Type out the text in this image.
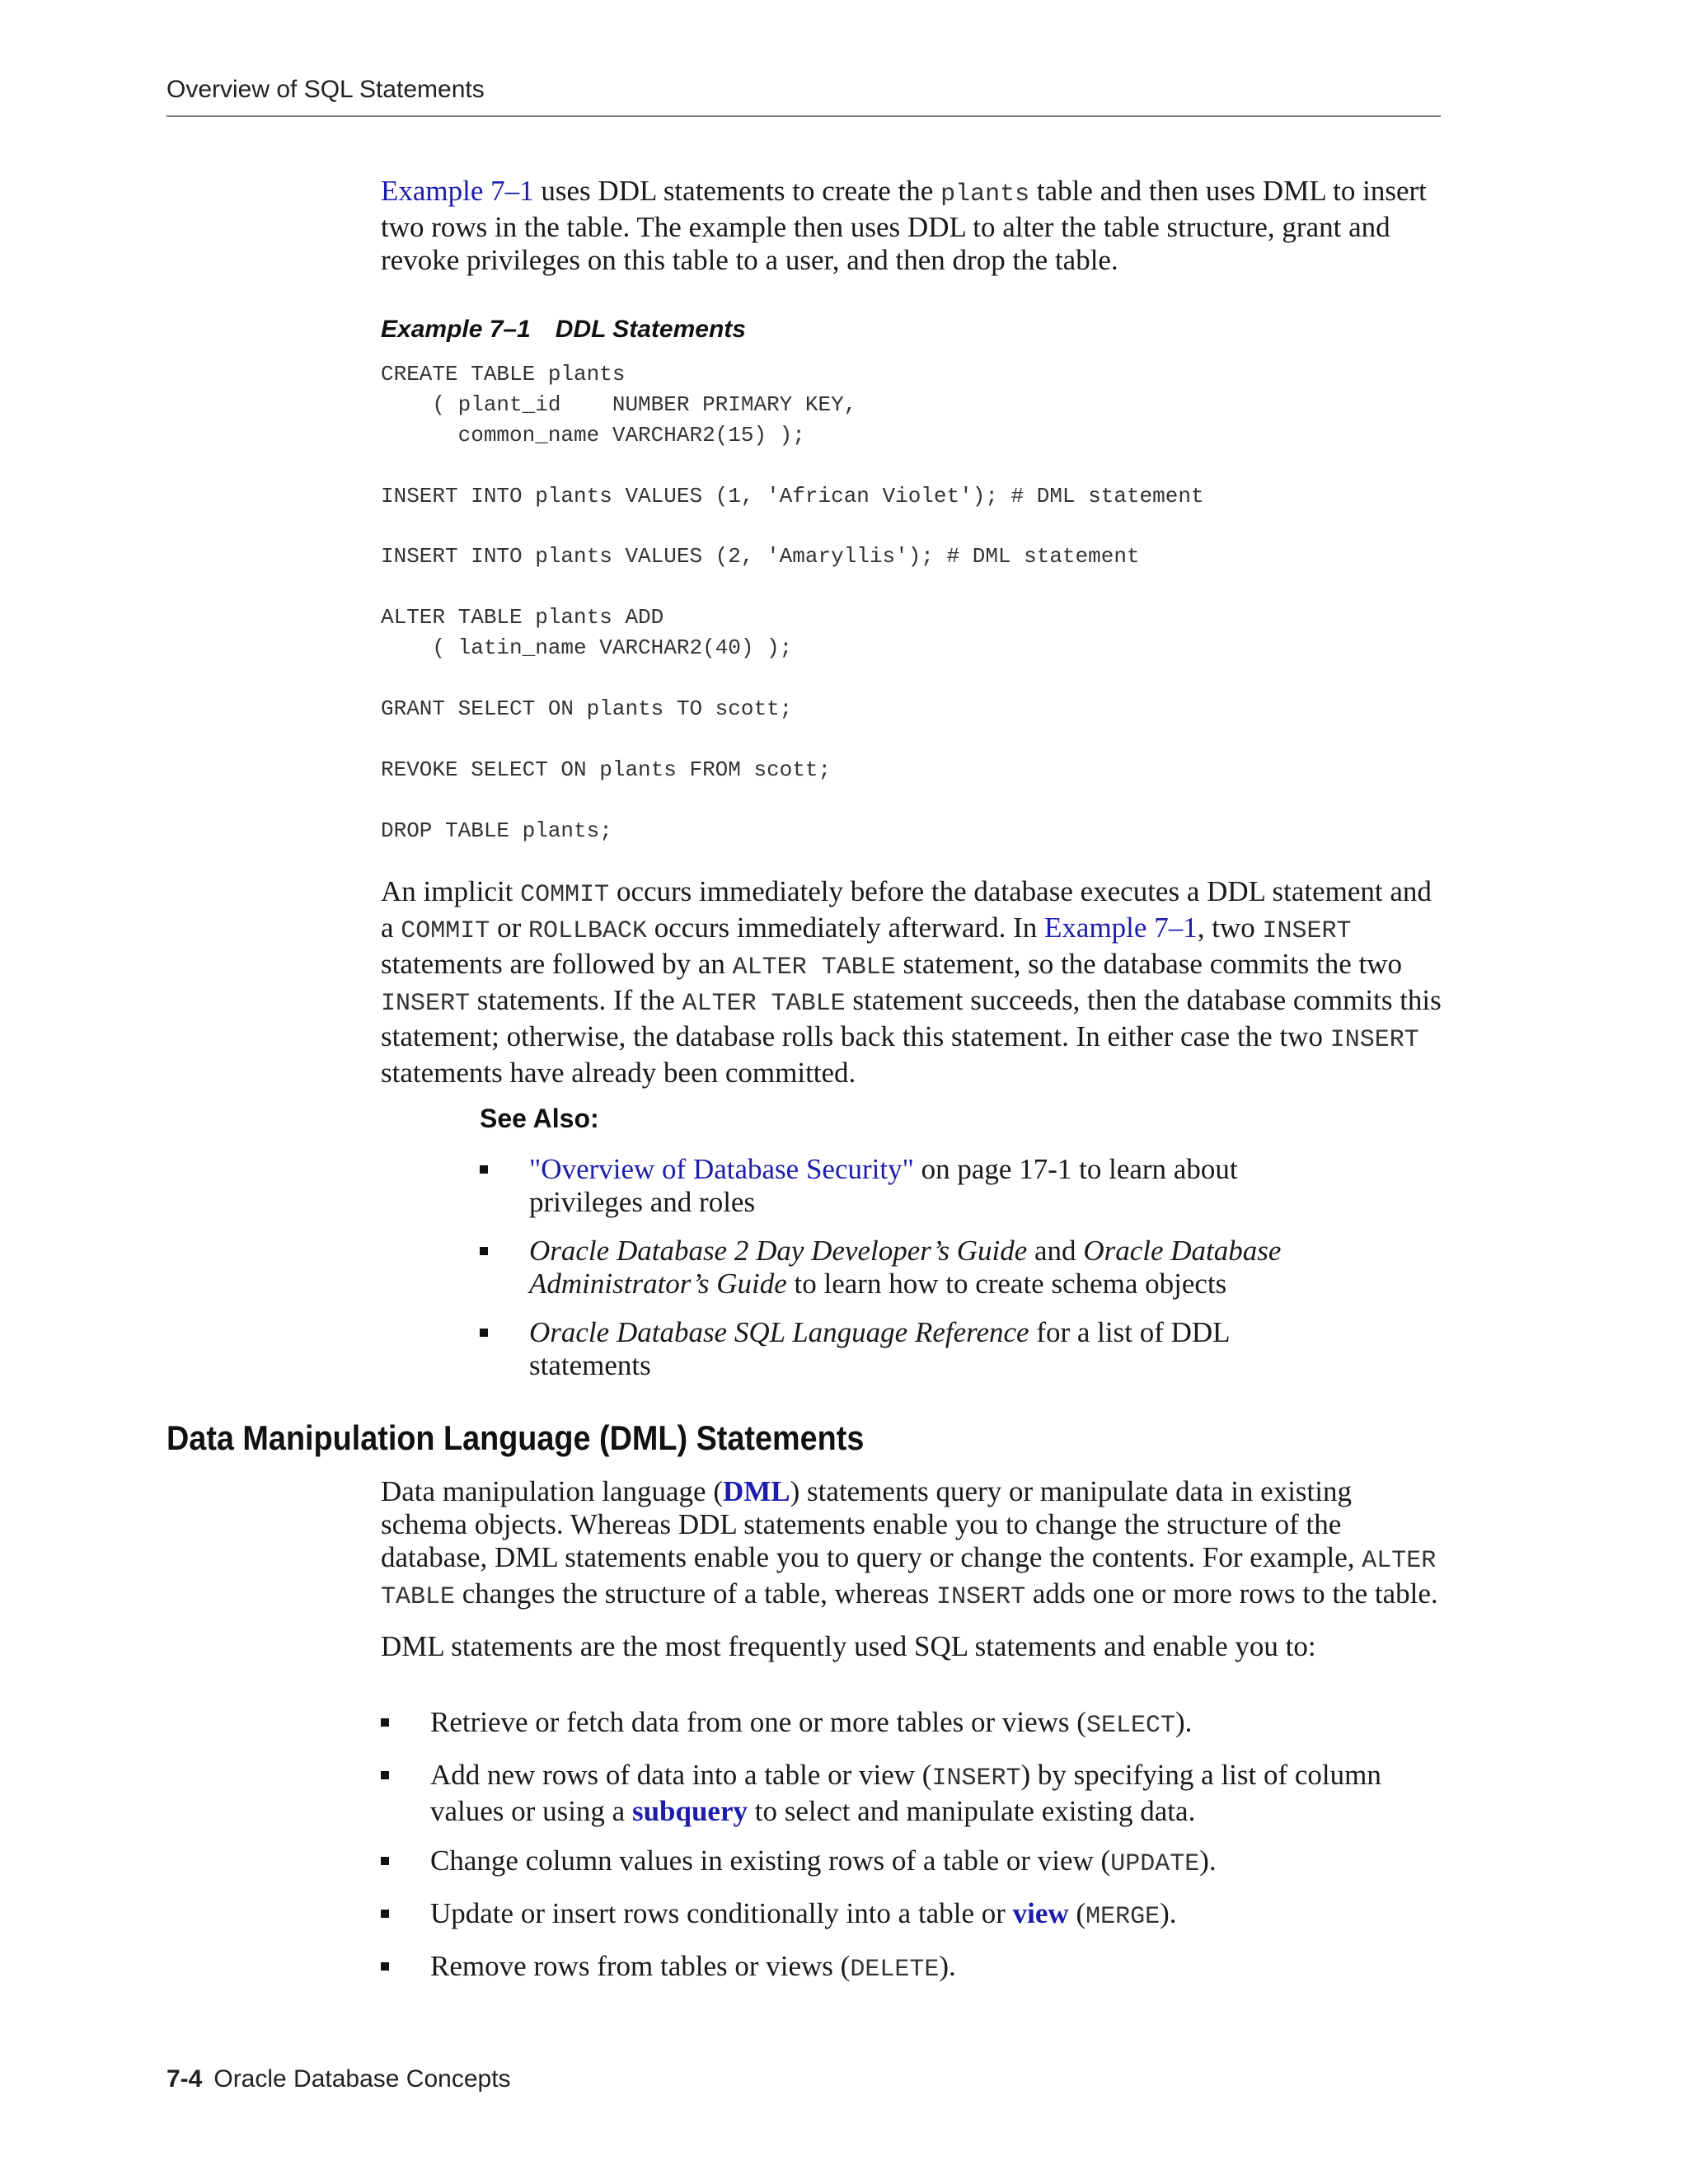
Overview of SQL Statements

Example 7–1 uses DDL statements to create the plants table and then uses DML to insert two rows in the table. The example then uses DDL to alter the table structure, grant and revoke privileges on this table to a user, and then drop the table.

Example 7–1 DDL Statements
CREATE TABLE plants
( plant_id    NUMBER PRIMARY KEY,
common_name VARCHAR2(15) );

INSERT INTO plants VALUES (1, 'African Violet'); # DML statement

INSERT INTO plants VALUES (2, 'Amaryllis'); # DML statement

ALTER TABLE plants ADD
( latin_name VARCHAR2(40) );

GRANT SELECT ON plants TO scott;

REVOKE SELECT ON plants FROM scott;

DROP TABLE plants;

An implicit COMMIT occurs immediately before the database executes a DDL statement and a COMMIT or ROLLBACK occurs immediately afterward. In Example 7–1, two INSERT statements are followed by an ALTER TABLE statement, so the database commits the two INSERT statements. If the ALTER TABLE statement succeeds, then the database commits this statement; otherwise, the database rolls back this statement. In either case the two INSERT statements have already been committed.

See Also:
"Overview of Database Security" on page 17-1 to learn about privileges and roles
Oracle Database 2 Day Developer’s Guide and Oracle Database Administrator’s Guide to learn how to create schema objects
Oracle Database SQL Language Reference for a list of DDL statements
Data Manipulation Language (DML) Statements

Data manipulation language (DML) statements query or manipulate data in existing schema objects. Whereas DDL statements enable you to change the structure of the database, DML statements enable you to query or change the contents. For example, ALTER TABLE changes the structure of a table, whereas INSERT adds one or more rows to the table.

DML statements are the most frequently used SQL statements and enable you to:

Retrieve or fetch data from one or more tables or views (SELECT).
Add new rows of data into a table or view (INSERT) by specifying a list of column values or using a subquery to select and manipulate existing data.
Change column values in existing rows of a table or view (UPDATE).
Update or insert rows conditionally into a table or view (MERGE).
Remove rows from tables or views (DELETE).
7-4 Oracle Database Concepts
